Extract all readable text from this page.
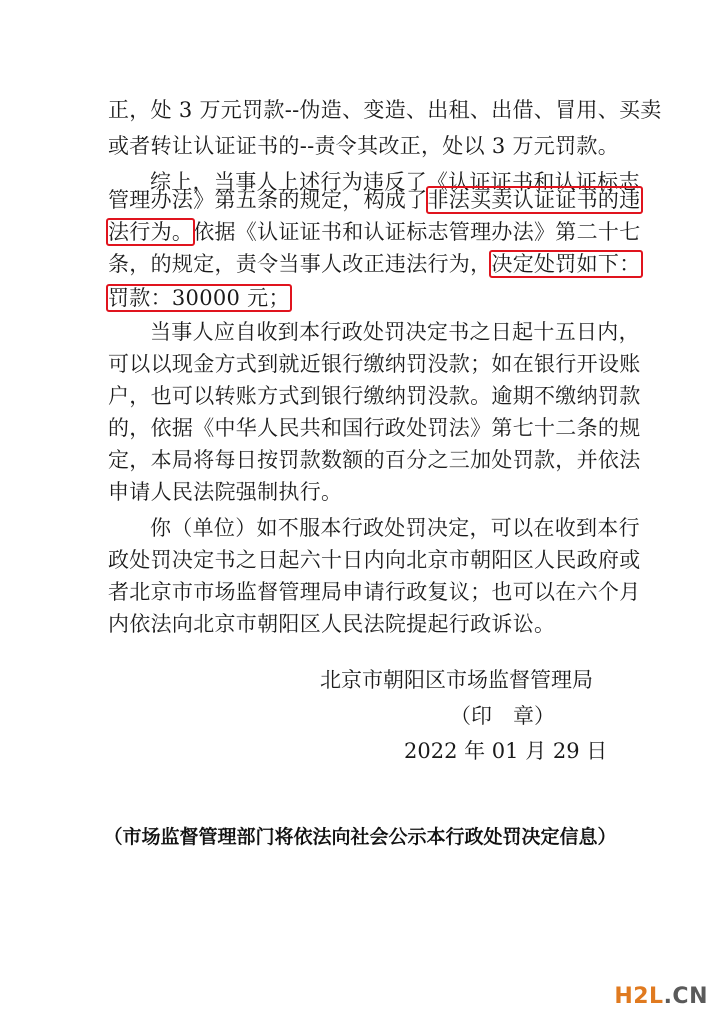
正，处 3 万元罚款--伪造、变造、出租、出借、冒用、买卖
或者转让认证证书的--责令其改正，处以 3 万元罚款。
综上，当事人上述行为违反了《认证证书和认证标志
管理办法》第五条的规定，构成了非法买卖认证证书的违
法行为。依据《认证证书和认证标志管理办法》第二十七
条，的规定，责令当事人改正违法行为，决定处罚如下：
罚款：30000 元；
当事人应自收到本行政处罚决定书之日起十五日内，
可以以现金方式到就近银行缴纳罚没款；如在银行开设账
户，也可以转账方式到银行缴纳罚没款。逾期不缴纳罚款
的，依据《中华人民共和国行政处罚法》第七十二条的规
定，本局将每日按罚款数额的百分之三加处罚款，并依法
申请人民法院强制执行。
你（单位）如不服本行政处罚决定，可以在收到本行
政处罚决定书之日起六十日内向北京市朝阳区人民政府或
者北京市市场监督管理局申请行政复议；也可以在六个月
内依法向北京市朝阳区人民法院提起行政诉讼。
北京市朝阳区市场监督管理局
（印　章）
2022 年 01 月 29 日
（市场监督管理部门将依法向社会公示本行政处罚决定信息）
H2L.CN
